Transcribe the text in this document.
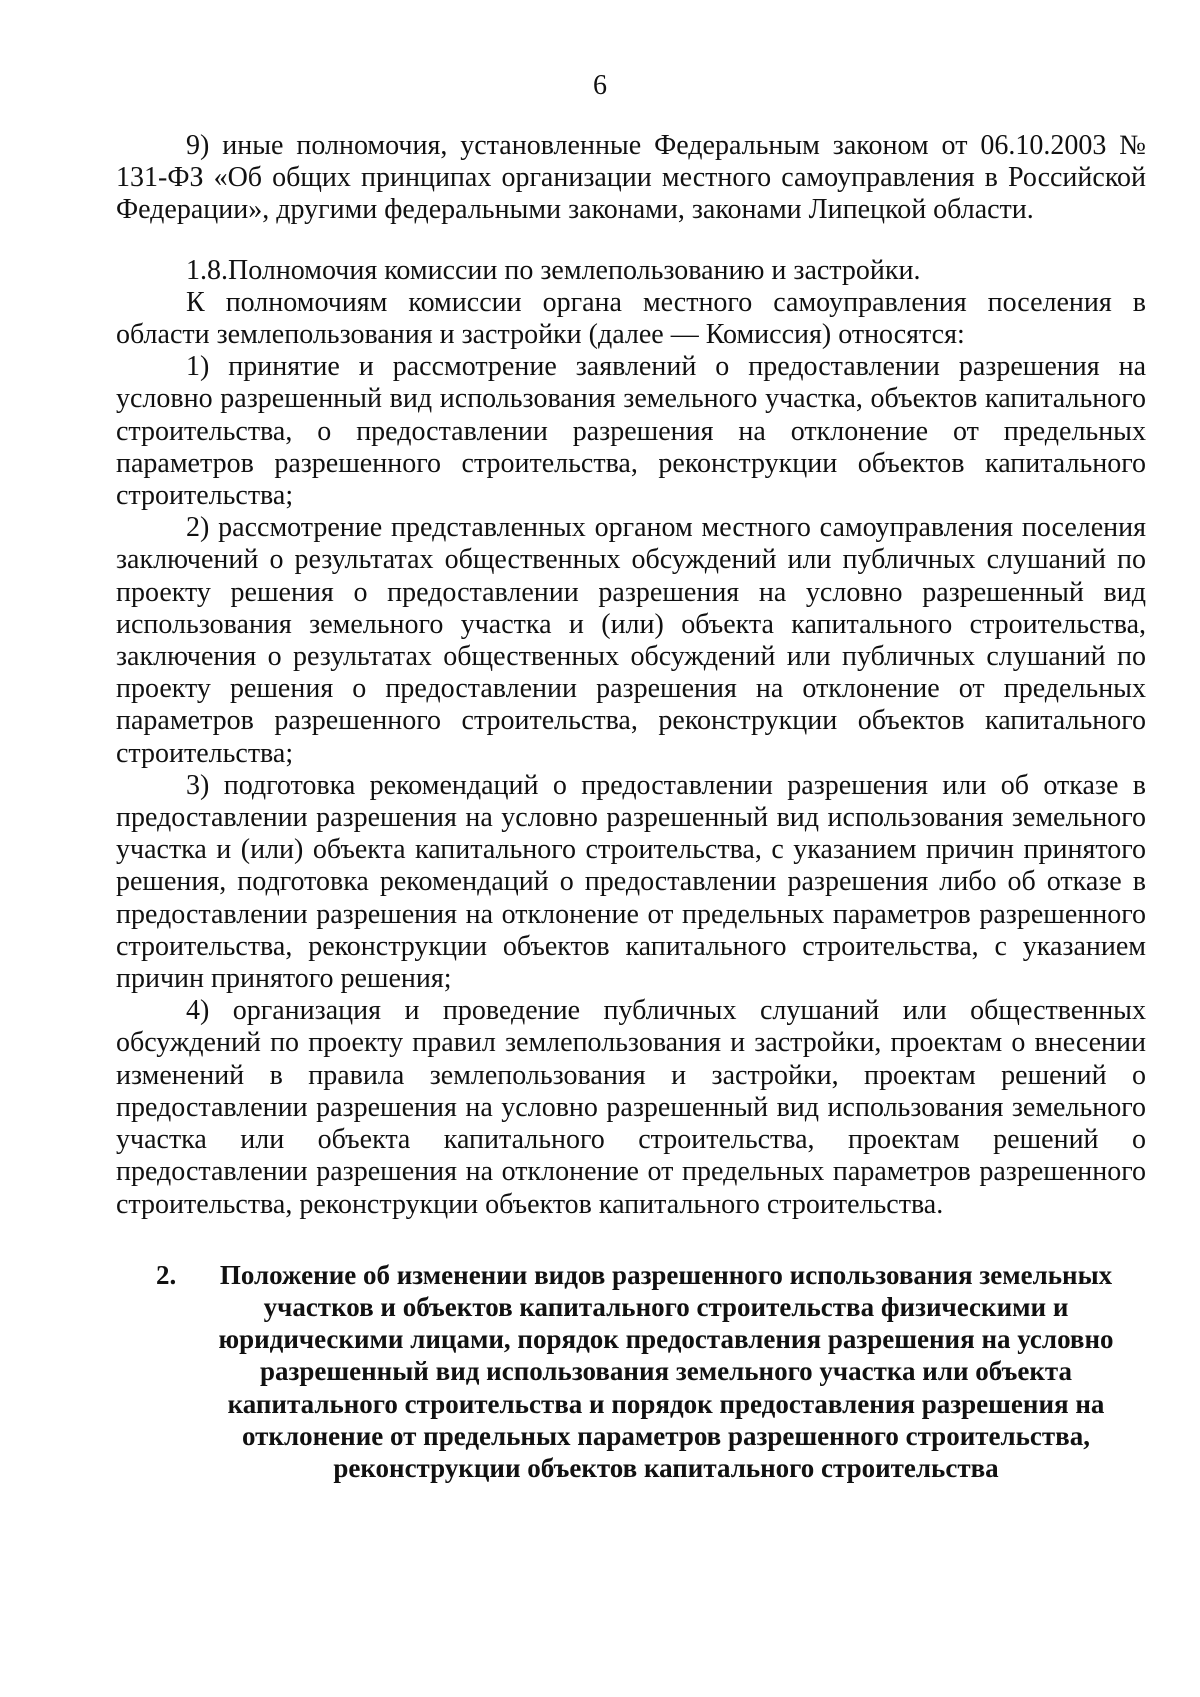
6

9) иные полномочия, установленные Федеральным законом от 06.10.2003 № 131-ФЗ «Об общих принципах организации местного самоуправления в Российской Федерации», другими федеральными законами, законами Липецкой области.

1.8.Полномочия комиссии по землепользованию и застройки.

К полномочиям комиссии органа местного самоуправления поселения в области землепользования и застройки (далее — Комиссия) относятся:

1) принятие и рассмотрение заявлений о предоставлении разрешения на условно разрешенный вид использования земельного участка, объектов капитального строительства, о предоставлении разрешения на отклонение от предельных параметров разрешенного строительства, реконструкции объектов капитального строительства;

2) рассмотрение представленных органом местного самоуправления поселения заключений о результатах общественных обсуждений или публичных слушаний по проекту решения о предоставлении разрешения на условно разрешенный вид использования земельного участка и (или) объекта капитального строительства, заключения о результатах общественных обсуждений или публичных слушаний по проекту решения о предоставлении разрешения на отклонение от предельных параметров разрешенного строительства, реконструкции объектов капитального строительства;

3) подготовка рекомендаций о предоставлении разрешения или об отказе в предоставлении разрешения на условно разрешенный вид использования земельного участка и (или) объекта капитального строительства, с указанием причин принятого решения, подготовка рекомендаций о предоставлении разрешения либо об отказе в предоставлении разрешения на отклонение от предельных параметров разрешенного строительства, реконструкции объектов капитального строительства, с указанием причин принятого решения;

4) организация и проведение публичных слушаний или общественных обсуждений по проекту правил землепользования и застройки, проектам о внесении изменений в правила землепользования и застройки, проектам решений о предоставлении разрешения на условно разрешенный вид использования земельного участка или объекта капитального строительства, проектам решений о предоставлении разрешения на отклонение от предельных параметров разрешенного строительства, реконструкции объектов капитального строительства.

2.	Положение об изменении видов разрешенного использования земельных участков и объектов капитального строительства физическими и юридическими лицами, порядок предоставления разрешения на условно разрешенный вид использования земельного участка или объекта капитального строительства и порядок предоставления разрешения на отклонение от предельных параметров разрешенного строительства, реконструкции объектов капитального строительства
